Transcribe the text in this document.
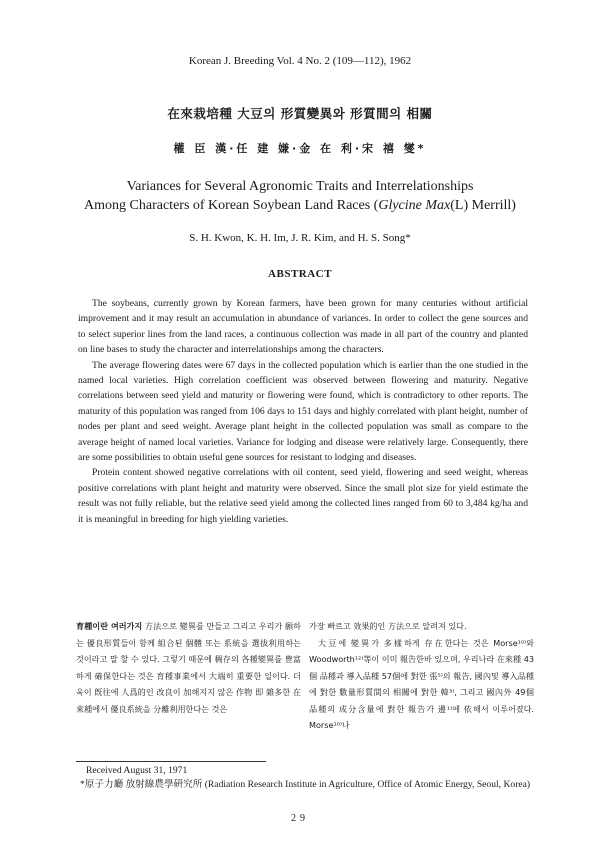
Korean J. Breeding Vol. 4 No. 2 (109—112), 1962
在來栽培種 大豆의 形質變異와 形質間의 相關
權 臣 漢·任 建 嫌·金 在 利·宋 禧 燮*
Variances for Several Agronomic Traits and Interrelationships
Among Characters of Korean Soybean Land Races (Glycine Max(L) Merrill)
S. H. Kwon, K. H. Im, J. R. Kim, and H. S. Song*
ABSTRACT

The soybeans, currently grown by Korean farmers, have been grown for many centuries without artificial improvement and it may result an accumulation in abundance of variances. In order to collect the gene sources and to select superior lines from the land races, a continuous collection was made in all part of the country and planted on line bases to study the character and interrelationships among the characters.

The average flowering dates were 67 days in the collected population which is earlier than the one studied in the named local varieties. High correlation coefficient was observed between flowering and maturity. Negative correlations between seed yield and maturity or flowering were found, which is contradictory to other reports. The maturity of this population was ranged from 106 days to 151 days and highly correlated with plant height, number of nodes per plant and seed weight. Average plant height in the collected population was small as compare to the average height of named local varieties. Variance for lodging and disease were relatively large. Consequently, there are some possibilities to obtain useful gene sources for resistant to lodging and diseases.

Protein content showed negative correlations with oil content, seed yield, flowering and seed weight, whereas positive correlations with plant height and maturity were observed. Since the small plot size for yield estimate the result was not fully reliable, but the relative seed yield among the collected lines ranged from 60 to 3,484 kg/ha and it is meaningful in breeding for high yielding varieties.

育種이란 여러가지 方法으로 變異를 만들고 그리고 우리가 願하는 優良形質들이 함께 組合된 個體 또는 系統을 選拔利用하는 것이라고 말 할 수 있다. 그렇기 때문에 稠存의 各種變異를 豊富하게 確保한다는 것은 育種事業에서 大端히 重要한 일이다. 더욱이 旣往에 人爲的인 改良이 加해지지 않은 作物 即 雜多한 在來種에서 優良系統을 分離利用한다는 것은

가장 빠르고 效果的인 方法으로 알려져 있다.

大豆에 變異가 多樣하게 存在한다는 것은 Morse¹⁰⁾와 Woodworth¹²⁾等이 이미 報告한바 있으며, 우리나라 在來種 43個 品種과 導入品種 57個에 對한 張⁵⁾의 報告, 國內및 導入品種에 對한 數量形質間의 相關에 對한 韓³⁾, 그리고 國內外 49個 品種의 成分含量에 對한 報告가 邊¹⁾에 依해서 이루어졌다. Morse¹⁰⁾나

Received August 31, 1971
*原子力廳 放射線農學硏究所 (Radiation Research Institute in Agriculture, Office of Atomic Energy, Seoul, Korea)
29
